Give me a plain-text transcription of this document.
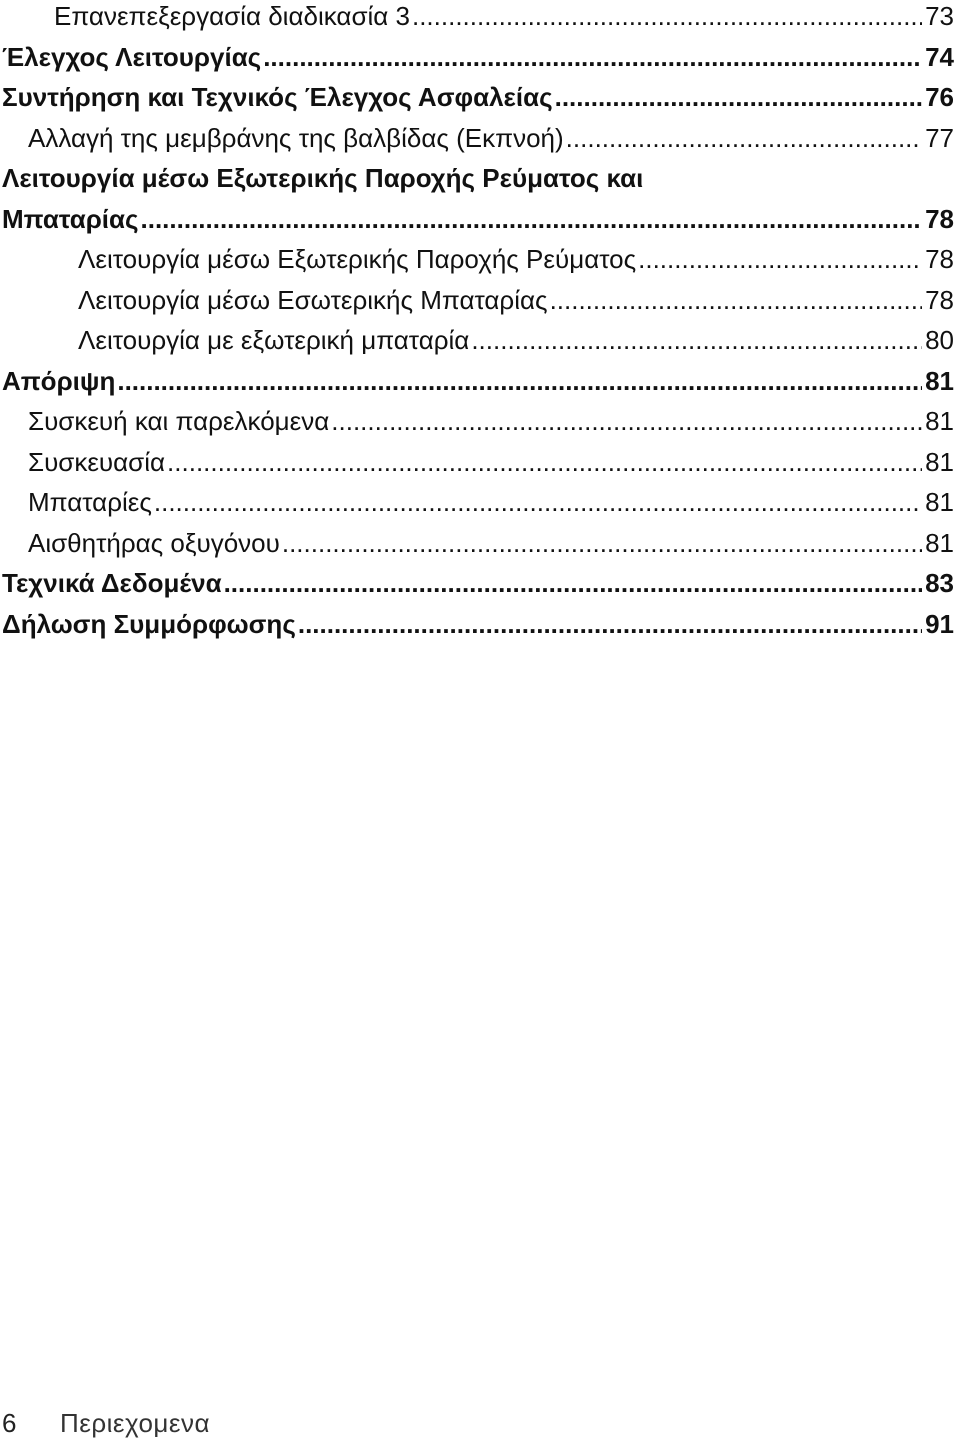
Επανεπεξεργασία διαδικασία 3 .....	73
Έλεγχος Λειτουργίας .....	74
Συντήρηση και Τεχνικός Έλεγχος Ασφαλείας .....	76
Αλλαγή της μεμβράνης της βαλβίδας (Εκπνοή) .....	77
Λειτουργία μέσω Εξωτερικής Παροχής Ρεύματος και
Μπαταρίας .....	78
Λειτουργία μέσω Εξωτερικής Παροχής Ρεύματος .....	78
Λειτουργία μέσω Εσωτερικής Μπαταρίας .....	78
Λειτουργία με εξωτερική μπαταρία .....	80
Απόριψη .....	81
Συσκευή και παρελκόμενα .....	81
Συσκευασία .....	81
Μπαταρίες .....	81
Αισθητήρας οξυγόνου .....	81
Τεχνικά Δεδομένα .....	83
Δήλωση Συμμόρφωσης .....	91
6	Περιεχομενα
